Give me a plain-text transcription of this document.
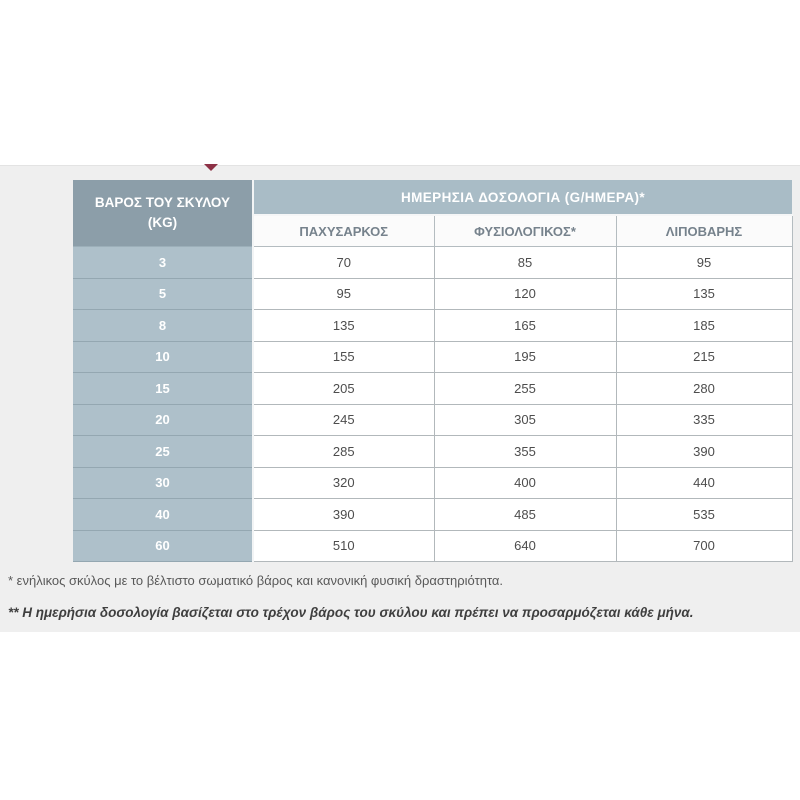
ΒΑΡΟΣ ΤΟΥ ΣΚΥΛΟΥ
(KG)	ΗΜΕΡΗΣΙΑ ΔΟΣΟΛΟΓΙΑ (G/ΗΜΕΡΑ)*		
	ΠΑΧΥΣΑΡΚΟΣ	ΦΥΣΙΟΛΟΓΙΚΟΣ*	ΛΙΠΟΒΑΡΗΣ
3	70	85	95
5	95	120	135
8	135	165	185
10	155	195	215
15	205	255	280
20	245	305	335
25	285	355	390
30	320	400	440
40	390	485	535
60	510	640	700
* ενήλικος σκύλος με το βέλτιστο σωματικό βάρος και κανονική φυσική δραστηριότητα.
** Η ημερήσια δοσολογία βασίζεται στο τρέχον βάρος του σκύλου και πρέπει να προσαρμόζεται κάθε μήνα.
